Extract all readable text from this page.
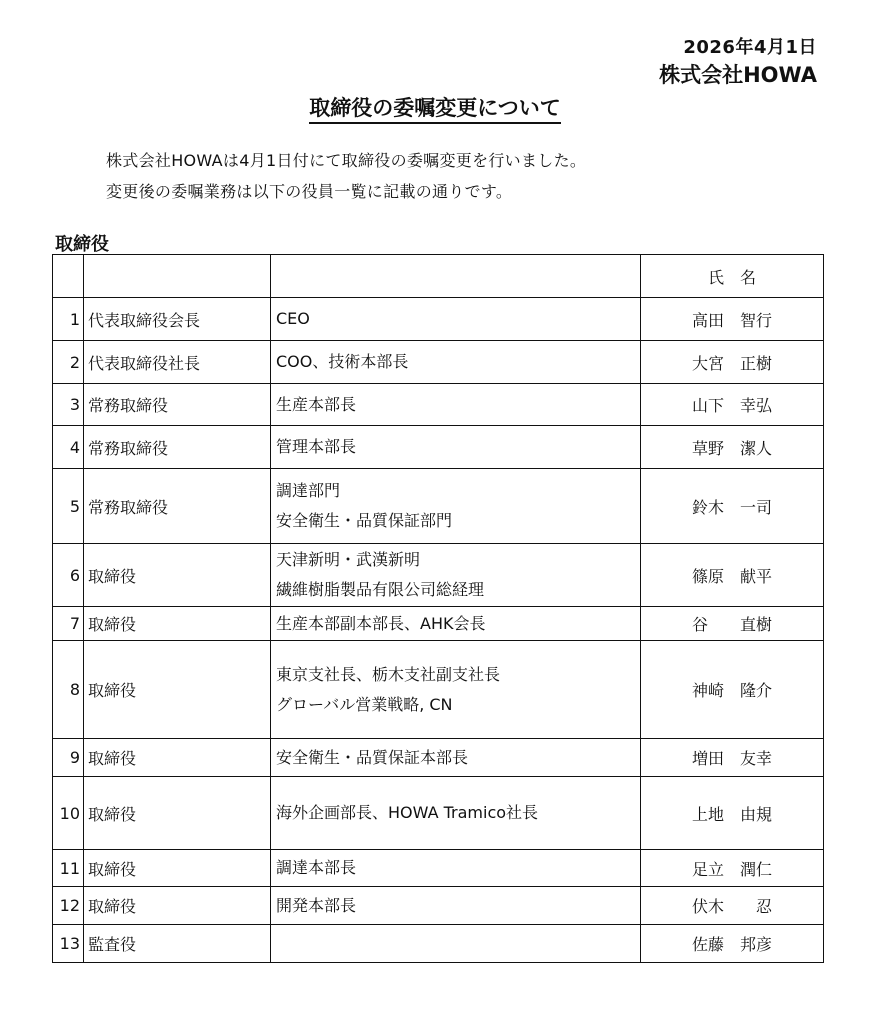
2026年4月1日
株式会社HOWA
取締役の委嘱変更について
株式会社HOWAは4月1日付にて取締役の委嘱変更を行いました。
変更後の委嘱業務は以下の役員一覧に記載の通りです。
取締役
			氏　名
1	代表取締役会長	CEO	高田　智行
2	代表取締役社長	COO、技術本部長	大宮　正樹
3	常務取締役	生産本部長	山下　幸弘
4	常務取締役	管理本部長	草野　潔人
5	常務取締役	調達部門
安全衛生・品質保証部門	鈴木　一司
6	取締役	天津新明・武漢新明
繊維樹脂製品有限公司総経理	篠原　献平
7	取締役	生産本部副本部長、AHK会長	谷　　直樹
8	取締役	東京支社長、栃木支社副支社長
グローバル営業戦略, CN	神崎　隆介
9	取締役	安全衛生・品質保証本部長	増田　友幸
10	取締役	海外企画部長、HOWA Tramico社長	上地　由規
11	取締役	調達本部長	足立　潤仁
12	取締役	開発本部長	伏木　　忍
13	監査役		佐藤　邦彦
